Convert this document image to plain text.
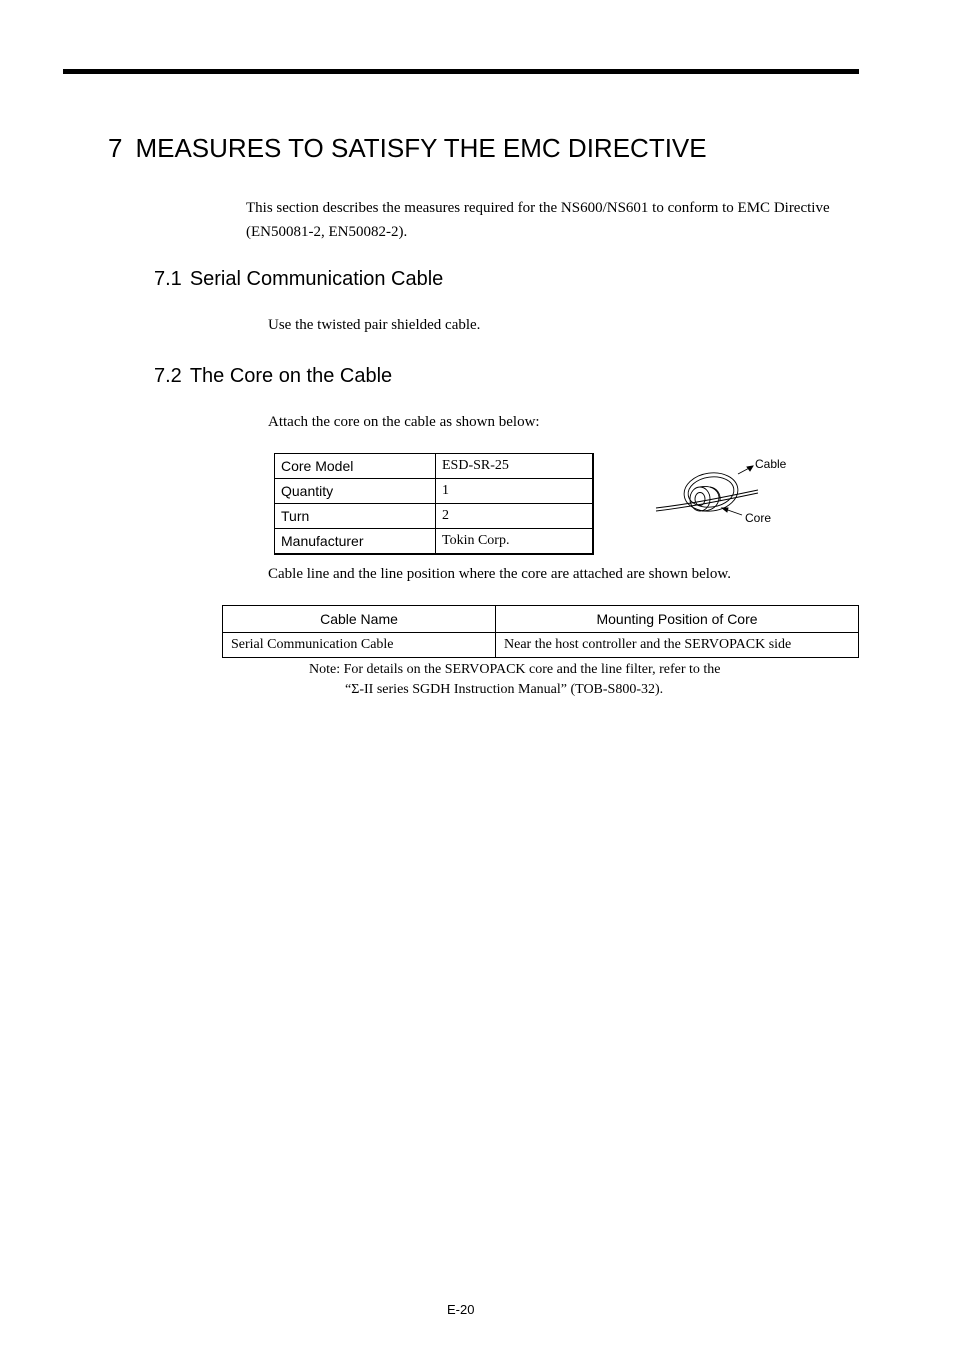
7 MEASURES TO SATISFY THE EMC DIRECTIVE
This section describes the measures required for the NS600/NS601 to conform to EMC Directive (EN50081-2, EN50082-2).
7.1 Serial Communication Cable
Use the twisted pair shielded cable.
7.2 The Core on the Cable
Attach the core on the cable as shown below:
Core Model	ESD-SR-25
Quantity	1
Turn	2
Manufacturer	Tokin Corp.
Cable
Core
Cable line and the line position where the core are attached are shown below.
Cable Name	Mounting Position of Core
Serial Communication Cable	Near the host controller and the SERVOPACK side
Note: For details on the SERVOPACK core and the line filter, refer to the
“Σ-II series SGDH Instruction Manual” (TOB-S800-32).
E-20
